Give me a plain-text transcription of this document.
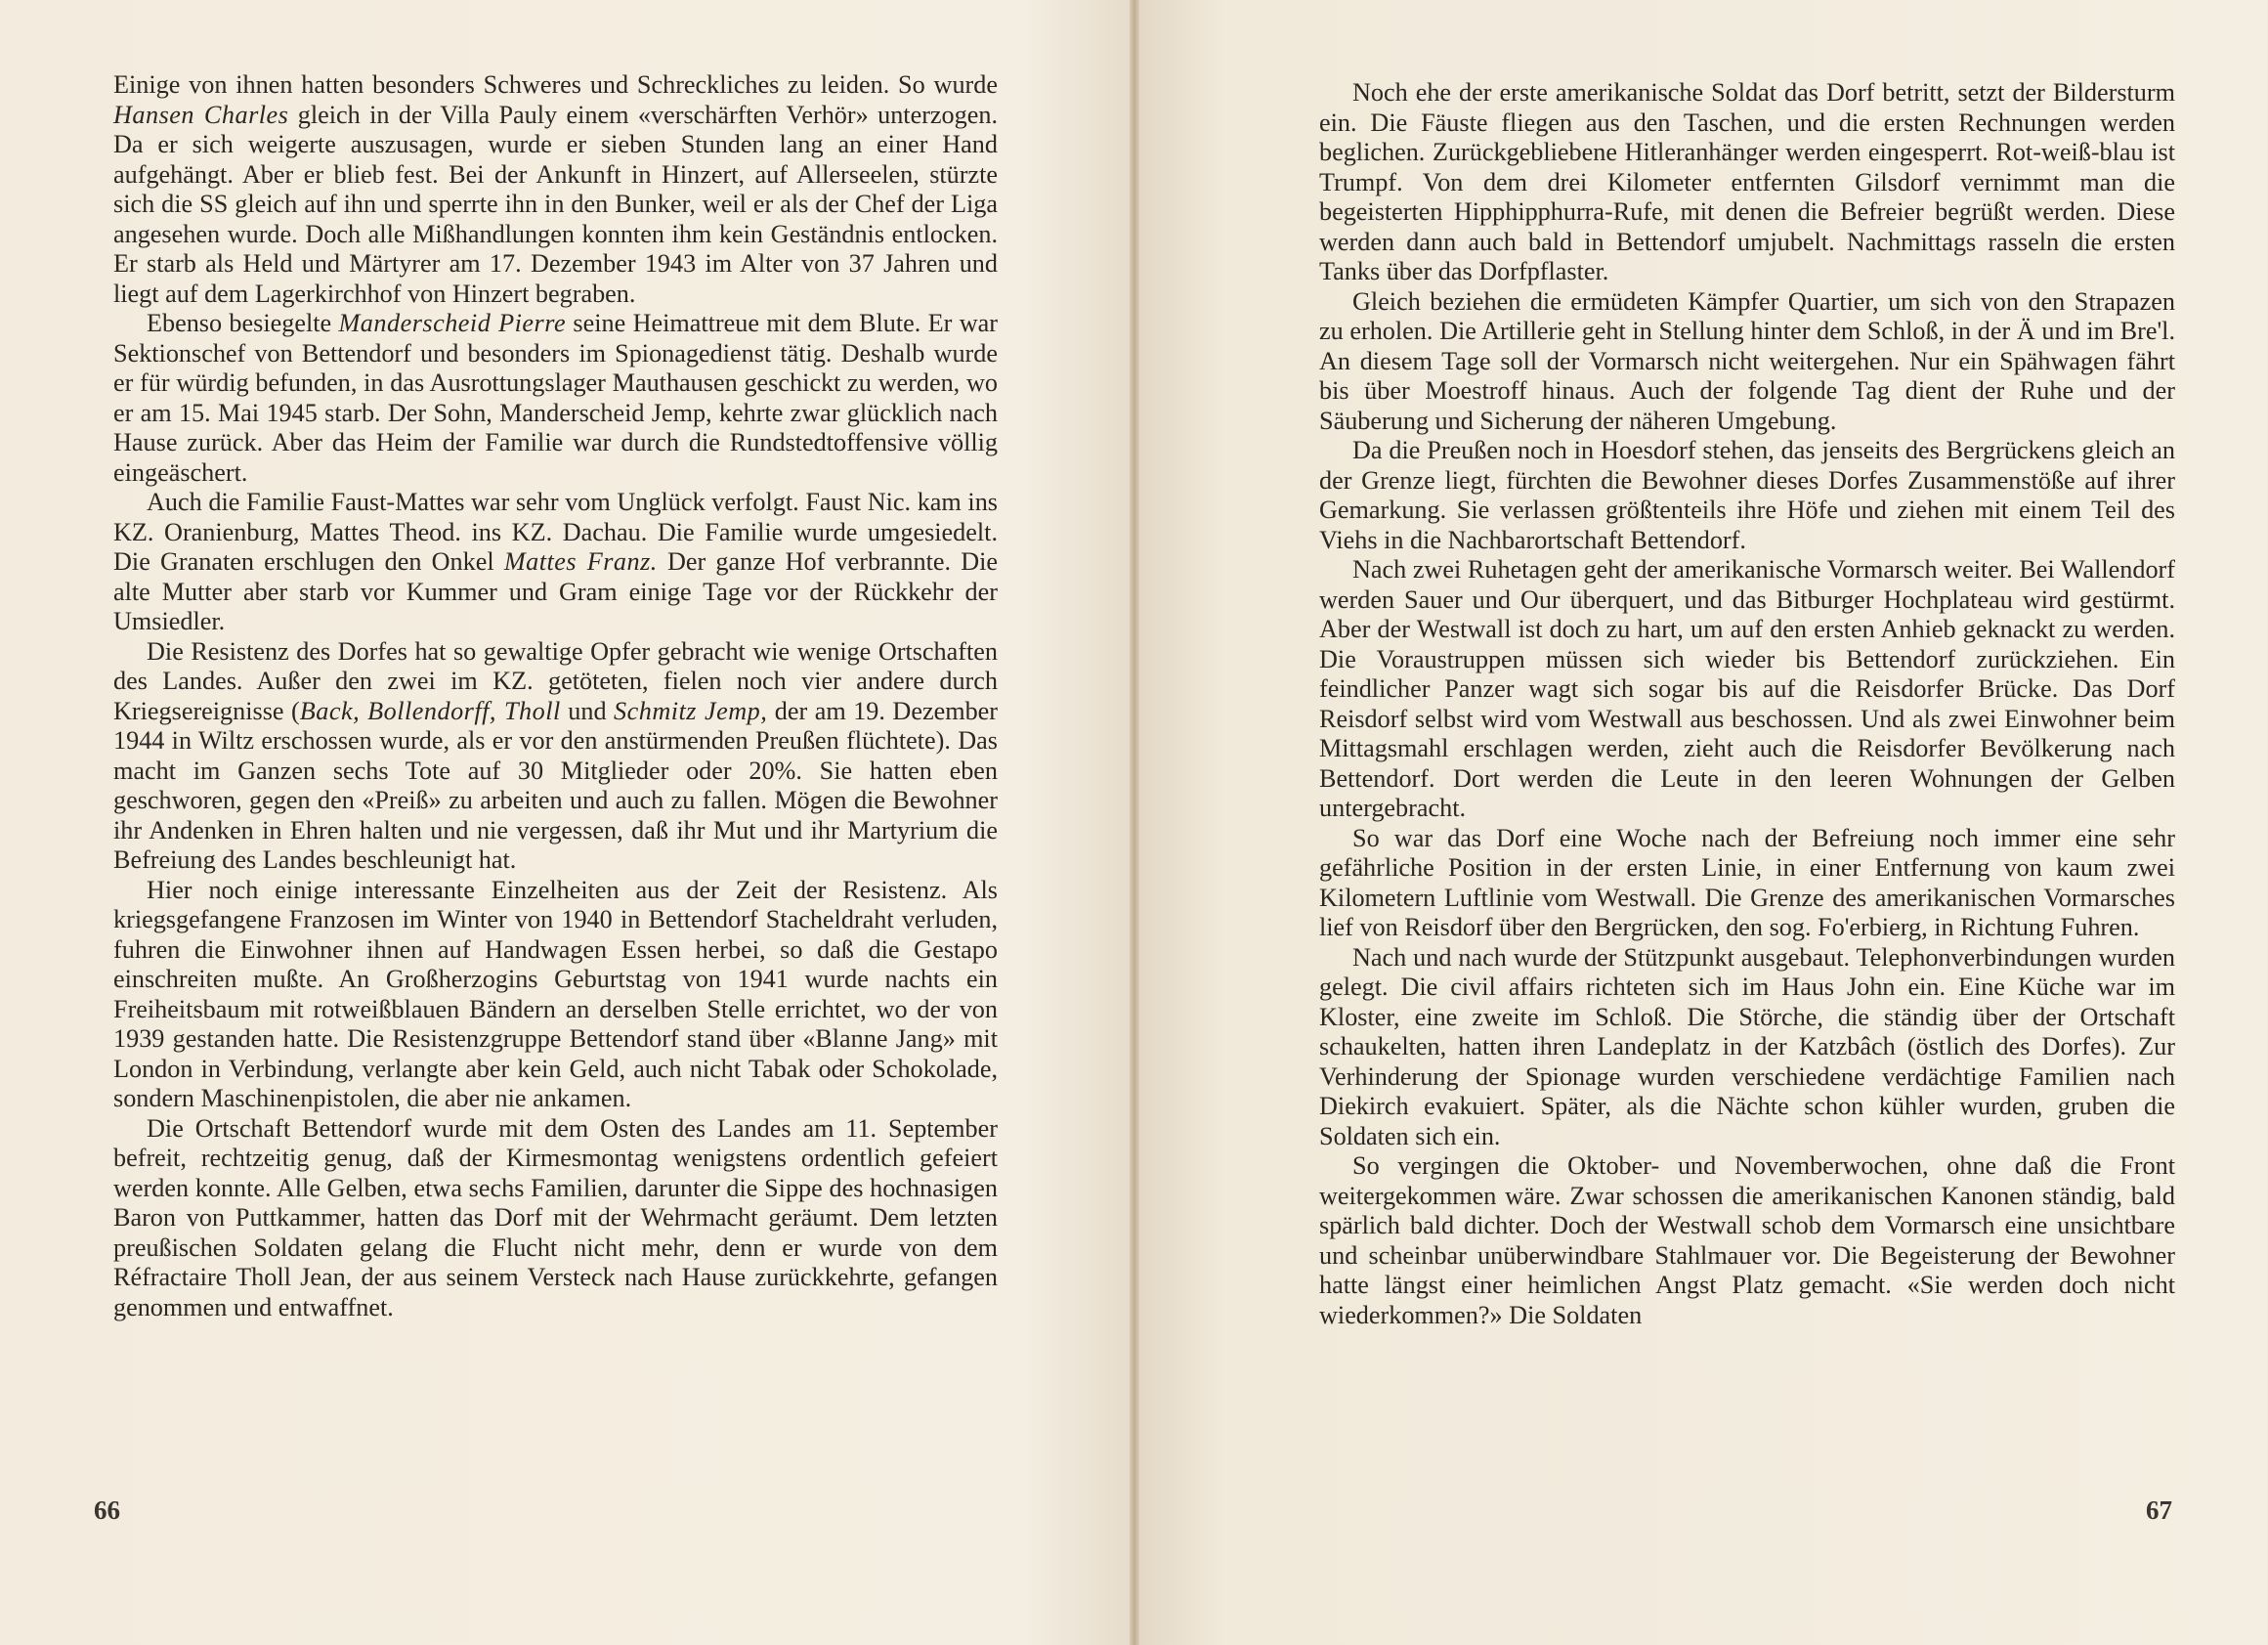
Einige von ihnen hatten besonders Schweres und Schreckliches zu leiden. So wurde Hansen Charles gleich in der Villa Pauly einem «verschärften Verhör» unterzogen. Da er sich weigerte auszusagen, wurde er sieben Stunden lang an einer Hand aufgehängt. Aber er blieb fest. Bei der Ankunft in Hinzert, auf Allerseelen, stürzte sich die SS gleich auf ihn und sperrte ihn in den Bunker, weil er als der Chef der Liga angesehen wurde. Doch alle Mißhandlungen konnten ihm kein Geständnis entlocken. Er starb als Held und Märtyrer am 17. Dezember 1943 im Alter von 37 Jahren und liegt auf dem Lagerkirchhof von Hinzert begraben.

Ebenso besiegelte Manderscheid Pierre seine Heimattreue mit dem Blute. Er war Sektionschef von Bettendorf und besonders im Spionagedienst tätig. Deshalb wurde er für würdig befunden, in das Ausrottungslager Mauthausen geschickt zu werden, wo er am 15. Mai 1945 starb. Der Sohn, Manderscheid Jemp, kehrte zwar glücklich nach Hause zurück. Aber das Heim der Familie war durch die Rundstedtoffensive völlig eingeäschert.

Auch die Familie Faust-Mattes war sehr vom Unglück verfolgt. Faust Nic. kam ins KZ. Oranienburg, Mattes Theod. ins KZ. Dachau. Die Familie wurde umgesiedelt. Die Granaten erschlugen den Onkel Mattes Franz. Der ganze Hof verbrannte. Die alte Mutter aber starb vor Kummer und Gram einige Tage vor der Rückkehr der Umsiedler.

Die Resistenz des Dorfes hat so gewaltige Opfer gebracht wie wenige Ortschaften des Landes. Außer den zwei im KZ. getöteten, fielen noch vier andere durch Kriegsereignisse (Back, Bollendorff, Tholl und Schmitz Jemp, der am 19. Dezember 1944 in Wiltz erschossen wurde, als er vor den anstürmenden Preußen flüchtete). Das macht im Ganzen sechs Tote auf 30 Mitglieder oder 20%. Sie hatten eben geschworen, gegen den «Preiß» zu arbeiten und auch zu fallen. Mögen die Bewohner ihr Andenken in Ehren halten und nie vergessen, daß ihr Mut und ihr Martyrium die Befreiung des Landes beschleunigt hat.

Hier noch einige interessante Einzelheiten aus der Zeit der Resistenz. Als kriegsgefangene Franzosen im Winter von 1940 in Bettendorf Stacheldraht verluden, fuhren die Einwohner ihnen auf Handwagen Essen herbei, so daß die Gestapo einschreiten mußte. An Großherzogins Geburtstag von 1941 wurde nachts ein Freiheitsbaum mit rotweißblauen Bändern an derselben Stelle errichtet, wo der von 1939 gestanden hatte. Die Resistenzgruppe Bettendorf stand über «Blanne Jang» mit London in Verbindung, verlangte aber kein Geld, auch nicht Tabak oder Schokolade, sondern Maschinenpistolen, die aber nie ankamen.

Die Ortschaft Bettendorf wurde mit dem Osten des Landes am 11. September befreit, rechtzeitig genug, daß der Kirmesmontag wenigstens ordentlich gefeiert werden konnte. Alle Gelben, etwa sechs Familien, darunter die Sippe des hochnasigen Baron von Puttkammer, hatten das Dorf mit der Wehrmacht geräumt. Dem letzten preußischen Soldaten gelang die Flucht nicht mehr, denn er wurde von dem Réfractaire Tholl Jean, der aus seinem Versteck nach Hause zurückkehrte, gefangen genommen und entwaffnet.

66

Noch ehe der erste amerikanische Soldat das Dorf betritt, setzt der Bildersturm ein. Die Fäuste fliegen aus den Taschen, und die ersten Rechnungen werden beglichen. Zurückgebliebene Hitleranhänger werden eingesperrt. Rot-weiß-blau ist Trumpf. Von dem drei Kilometer entfernten Gilsdorf vernimmt man die begeisterten Hipphipphurra-Rufe, mit denen die Befreier begrüßt werden. Diese werden dann auch bald in Bettendorf umjubelt. Nachmittags rasseln die ersten Tanks über das Dorfpflaster.

Gleich beziehen die ermüdeten Kämpfer Quartier, um sich von den Strapazen zu erholen. Die Artillerie geht in Stellung hinter dem Schloß, in der Ä und im Bre'l. An diesem Tage soll der Vormarsch nicht weitergehen. Nur ein Spähwagen fährt bis über Moestroff hinaus. Auch der folgende Tag dient der Ruhe und der Säuberung und Sicherung der näheren Umgebung.

Da die Preußen noch in Hoesdorf stehen, das jenseits des Bergrückens gleich an der Grenze liegt, fürchten die Bewohner dieses Dorfes Zusammenstöße auf ihrer Gemarkung. Sie verlassen größtenteils ihre Höfe und ziehen mit einem Teil des Viehs in die Nachbarortschaft Bettendorf.

Nach zwei Ruhetagen geht der amerikanische Vormarsch weiter. Bei Wallendorf werden Sauer und Our überquert, und das Bitburger Hochplateau wird gestürmt. Aber der Westwall ist doch zu hart, um auf den ersten Anhieb geknackt zu werden. Die Voraustruppen müssen sich wieder bis Bettendorf zurückziehen. Ein feindlicher Panzer wagt sich sogar bis auf die Reisdorfer Brücke. Das Dorf Reisdorf selbst wird vom Westwall aus beschossen. Und als zwei Einwohner beim Mittagsmahl erschlagen werden, zieht auch die Reisdorfer Bevölkerung nach Bettendorf. Dort werden die Leute in den leeren Wohnungen der Gelben untergebracht.

So war das Dorf eine Woche nach der Befreiung noch immer eine sehr gefährliche Position in der ersten Linie, in einer Entfernung von kaum zwei Kilometern Luftlinie vom Westwall. Die Grenze des amerikanischen Vormarsches lief von Reisdorf über den Bergrücken, den sog. Fo'erbierg, in Richtung Fuhren.

Nach und nach wurde der Stützpunkt ausgebaut. Telephonverbindungen wurden gelegt. Die civil affairs richteten sich im Haus John ein. Eine Küche war im Kloster, eine zweite im Schloß. Die Störche, die ständig über der Ortschaft schaukelten, hatten ihren Landeplatz in der Katzbâch (östlich des Dorfes). Zur Verhinderung der Spionage wurden verschiedene verdächtige Familien nach Diekirch evakuiert. Später, als die Nächte schon kühler wurden, gruben die Soldaten sich ein.

So vergingen die Oktober- und Novemberwochen, ohne daß die Front weitergekommen wäre. Zwar schossen die amerikanischen Kanonen ständig, bald spärlich bald dichter. Doch der Westwall schob dem Vormarsch eine unsichtbare und scheinbar unüberwindbare Stahlmauer vor. Die Begeisterung der Bewohner hatte längst einer heimlichen Angst Platz gemacht. «Sie werden doch nicht wiederkommen?» Die Soldaten

67
